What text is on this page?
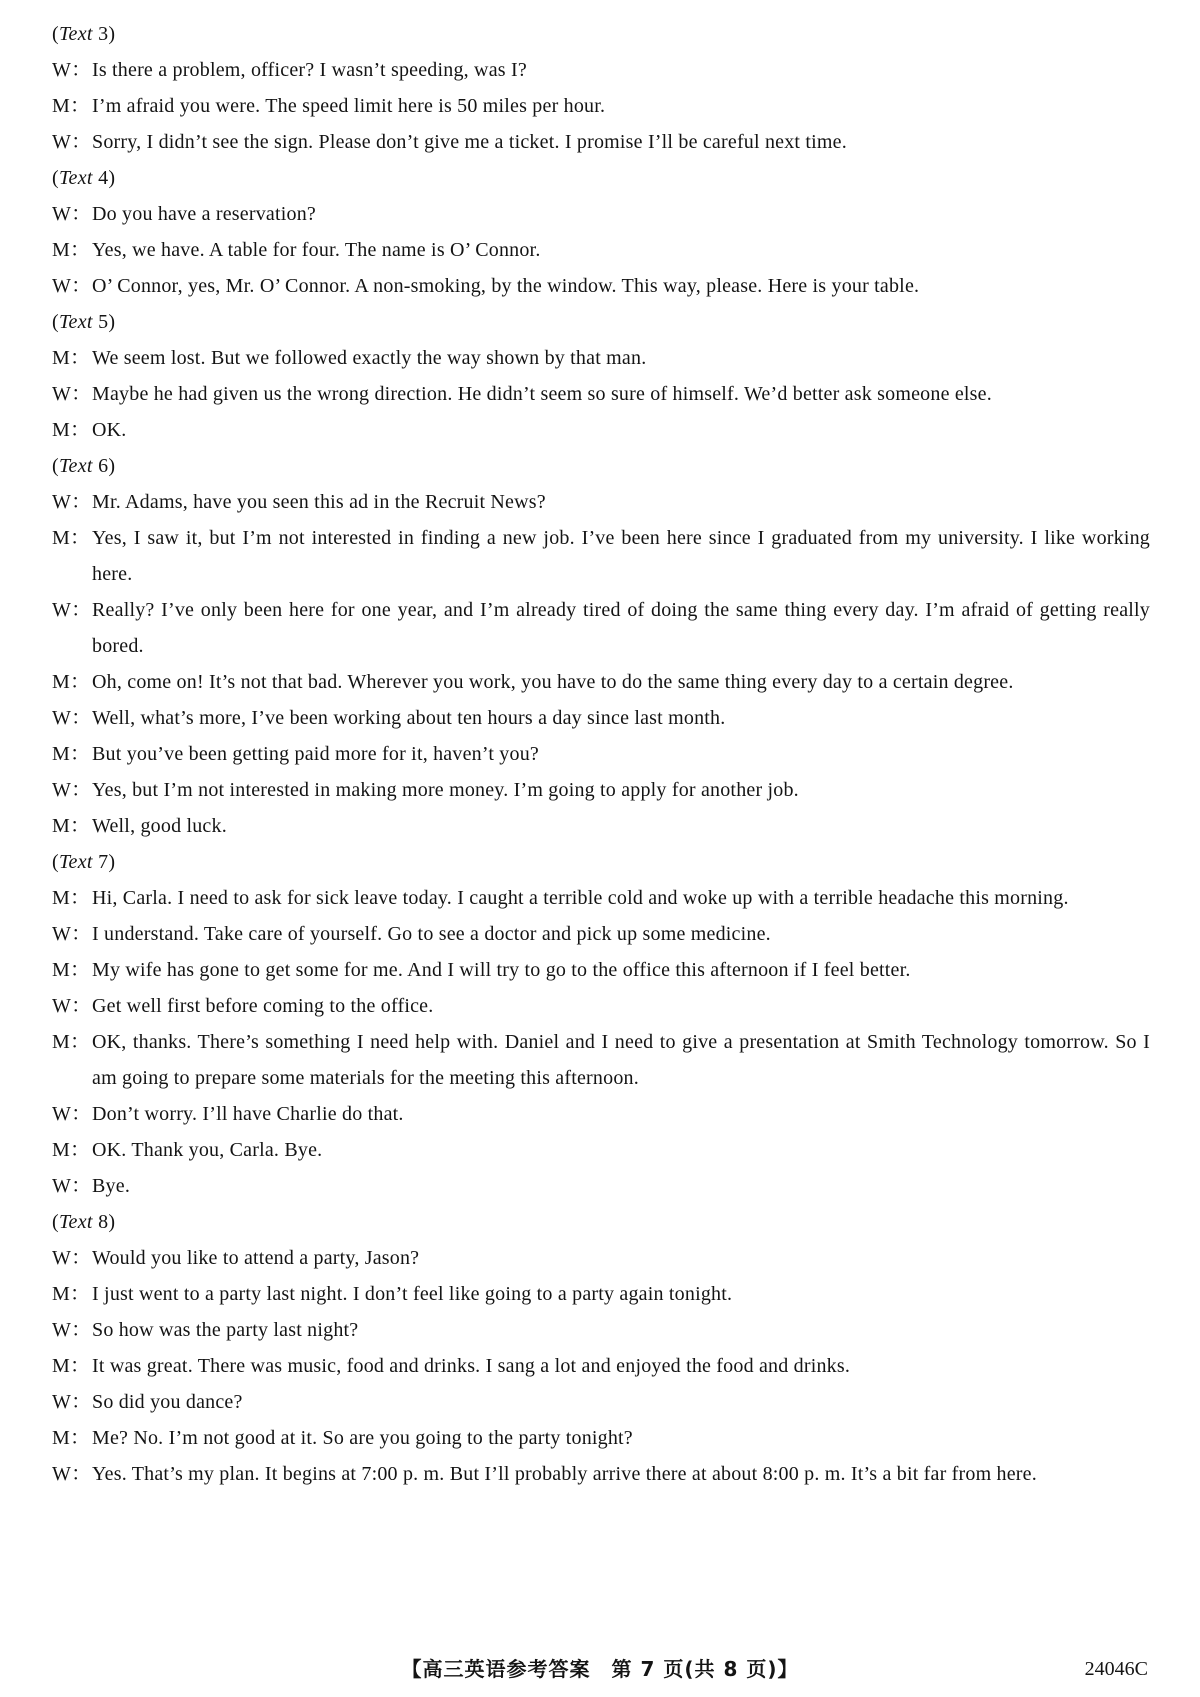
(Text 3)
W： Is there a problem, officer? I wasn’t speeding, was I?
M： I’m afraid you were. The speed limit here is 50 miles per hour.
W： Sorry, I didn’t see the sign. Please don’t give me a ticket. I promise I’ll be careful next time.
(Text 4)
W： Do you have a reservation?
M： Yes, we have. A table for four. The name is O’ Connor.
W： O’ Connor, yes, Mr. O’ Connor. A non-smoking, by the window. This way, please. Here is your table.
(Text 5)
M： We seem lost. But we followed exactly the way shown by that man.
W： Maybe he had given us the wrong direction. He didn’t seem so sure of himself. We’d better ask someone else.
M： OK.
(Text 6)
W： Mr. Adams, have you seen this ad in the Recruit News?
M： Yes, I saw it, but I’m not interested in finding a new job. I’ve been here since I graduated from my university. I like working here.
W： Really? I’ve only been here for one year, and I’m already tired of doing the same thing every day. I’m afraid of getting really bored.
M： Oh, come on! It’s not that bad. Wherever you work, you have to do the same thing every day to a certain degree.
W： Well, what’s more, I’ve been working about ten hours a day since last month.
M： But you’ve been getting paid more for it, haven’t you?
W： Yes, but I’m not interested in making more money. I’m going to apply for another job.
M： Well, good luck.
(Text 7)
M： Hi, Carla. I need to ask for sick leave today. I caught a terrible cold and woke up with a terrible headache this morning.
W： I understand. Take care of yourself. Go to see a doctor and pick up some medicine.
M： My wife has gone to get some for me. And I will try to go to the office this afternoon if I feel better.
W： Get well first before coming to the office.
M： OK, thanks. There’s something I need help with. Daniel and I need to give a presentation at Smith Technology tomorrow. So I am going to prepare some materials for the meeting this afternoon.
W： Don’t worry. I’ll have Charlie do that.
M： OK. Thank you, Carla. Bye.
W： Bye.
(Text 8)
W： Would you like to attend a party, Jason?
M： I just went to a party last night. I don’t feel like going to a party again tonight.
W： So how was the party last night?
M： It was great. There was music, food and drinks. I sang a lot and enjoyed the food and drinks.
W： So did you dance?
M： Me? No. I’m not good at it. So are you going to the party tonight?
W： Yes. That’s my plan. It begins at 7:00 p. m. But I’ll probably arrive there at about 8:00 p. m. It’s a bit far from here.
【高三英语参考答案　第 7 页(共 8 页)】	24046C
